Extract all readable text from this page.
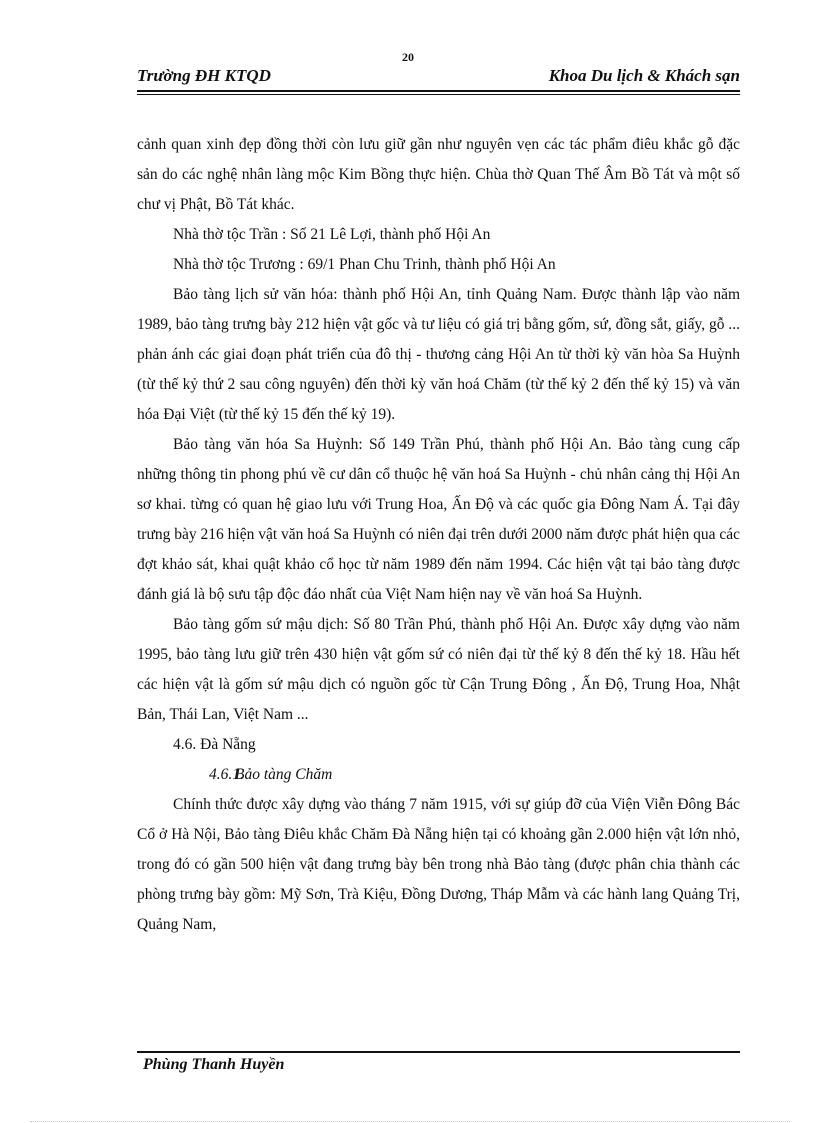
20
Trường ĐH KTQD	Khoa Du lịch & Khách sạn

cảnh quan xinh đẹp đồng thời còn lưu giữ gần như nguyên vẹn các tác phẩm điêu khắc gỗ đặc sản do các nghệ nhân làng mộc Kim Bồng thực hiện. Chùa thờ Quan Thế Âm Bồ Tát và một số chư vị Phật, Bồ Tát khác.

Nhà thờ tộc Trần : Số 21 Lê Lợi, thành phố Hội An

Nhà thờ tộc Trương : 69/1 Phan Chu Trinh, thành phố Hội An

Bảo tàng lịch sử văn hóa: thành phố Hội An, tỉnh Quảng Nam. Được thành lập vào năm 1989, bảo tàng trưng bày 212 hiện vật gốc và tư liệu có giá trị bằng gốm, sứ, đồng sắt, giấy, gỗ ... phản ánh các giai đoạn phát triển của đô thị - thương cảng Hội An từ thời kỳ văn hòa Sa Huỳnh (từ thế kỷ thứ 2 sau công nguyên) đến thời kỳ văn hoá Chăm (từ thế kỷ 2 đến thế kỷ 15) và văn hóa Đại Việt (từ thế kỷ 15 đến thế kỷ 19).

Bảo tàng văn hóa Sa Huỳnh: Số 149 Trần Phú, thành phố Hội An. Bảo tàng cung cấp những thông tin phong phú về cư dân cổ thuộc hệ văn hoá Sa Huỳnh - chủ nhân cảng thị Hội An sơ khai. từng có quan hệ giao lưu với Trung Hoa, Ấn Độ và các quốc gia Đông Nam Á. Tại đây trưng bày 216 hiện vật văn hoá Sa Huỳnh có niên đại trên dưới 2000 năm được phát hiện qua các đợt khảo sát, khai quật khảo cổ học từ năm 1989 đến năm 1994. Các hiện vật tại bảo tàng được đánh giá là bộ sưu tập độc đáo nhất của Việt Nam hiện nay về văn hoá Sa Huỳnh.

Bảo tàng gốm sứ mậu dịch: Số 80 Trần Phú, thành phố Hội An. Được xây dựng vào năm 1995, bảo tàng lưu giữ trên 430 hiện vật gốm sứ có niên đại từ thế kỷ 8 đến thế kỷ 18. Hầu hết các hiện vật là gốm sứ mậu dịch có nguồn gốc từ Cận Trung Đông , Ấn Độ, Trung Hoa, Nhật Bản, Thái Lan, Việt Nam ...

4.6. Đà Nẵng

4.6.1.Bảo tàng Chăm

Chính thức được xây dựng vào tháng 7 năm 1915, với sự giúp đỡ của Viện Viễn Đông Bác Cổ ở Hà Nội, Bảo tàng Điêu khắc Chăm Đà Nẵng hiện tại có khoảng gần 2.000 hiện vật lớn nhỏ, trong đó có gần 500 hiện vật đang trưng bày bên trong nhà Bảo tàng (được phân chia thành các phòng trưng bày gồm: Mỹ Sơn, Trà Kiệu, Đồng Dương, Tháp Mẫm và các hành lang Quảng Trị, Quảng Nam,

Phùng Thanh Huyền
